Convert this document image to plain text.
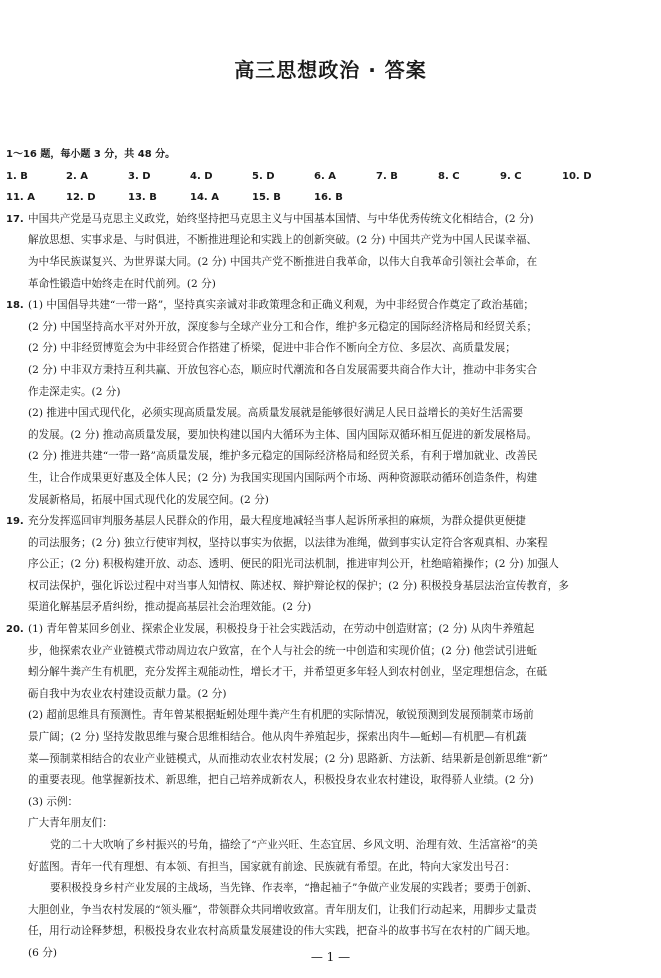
高三思想政治 · 答案
1～16 题，每小题 3 分，共 48 分。
1. B	2. A	3. D	4. D	5. D	6. A	7. B	8. C	9. C	10. D
11. A	12. D	13. B	14. A	15. B	16. B
17. 中国共产党是马克思主义政党，始终坚持把马克思主义与中国基本国情、与中华优秀传统文化相结合，(2 分)
解放思想、实事求是、与时俱进，不断推进理论和实践上的创新突破。(2 分) 中国共产党为中国人民谋幸福、
为中华民族谋复兴、为世界谋大同。(2 分) 中国共产党不断推进自我革命，以伟大自我革命引领社会革命，在
革命性锻造中始终走在时代前列。(2 分)
18. (1) 中国倡导共建“一带一路”，坚持真实亲诚对非政策理念和正确义利观，为中非经贸合作奠定了政治基础；
(2 分) 中国坚持高水平对外开放，深度参与全球产业分工和合作，维护多元稳定的国际经济格局和经贸关系；
(2 分) 中非经贸博览会为中非经贸合作搭建了桥梁，促进中非合作不断向全方位、多层次、高质量发展；
(2 分) 中非双方秉持互利共赢、开放包容心态，顺应时代潮流和各自发展需要共商合作大计，推动中非务实合
作走深走实。(2 分)
(2) 推进中国式现代化，必须实现高质量发展。高质量发展就是能够很好满足人民日益增长的美好生活需要
的发展。(2 分) 推动高质量发展，要加快构建以国内大循环为主体、国内国际双循环相互促进的新发展格局。
(2 分) 推进共建“一带一路”高质量发展，维护多元稳定的国际经济格局和经贸关系，有利于增加就业、改善民
生，让合作成果更好惠及全体人民；(2 分) 为我国实现国内国际两个市场、两种资源联动循环创造条件，构建
发展新格局，拓展中国式现代化的发展空间。(2 分)
19. 充分发挥巡回审判服务基层人民群众的作用，最大程度地减轻当事人起诉所承担的麻烦，为群众提供更便捷
的司法服务；(2 分) 独立行使审判权，坚持以事实为依据，以法律为准绳，做到事实认定符合客观真相、办案程
序公正；(2 分) 积极构建开放、动态、透明、便民的阳光司法机制，推进审判公开，杜绝暗箱操作；(2 分) 加强人
权司法保护，强化诉讼过程中对当事人知情权、陈述权、辩护辩论权的保护；(2 分) 积极投身基层法治宣传教育，多
渠道化解基层矛盾纠纷，推动提高基层社会治理效能。(2 分)
20. (1) 青年曾某回乡创业、探索企业发展，积极投身于社会实践活动，在劳动中创造财富；(2 分) 从肉牛养殖起
步，他探索农业产业链模式带动周边农户致富，在个人与社会的统一中创造和实现价值；(2 分) 他尝试引进蚯
蚓分解牛粪产生有机肥，充分发挥主观能动性，增长才干，并希望更多年轻人到农村创业，坚定理想信念，在砥
砺自我中为农业农村建设贡献力量。(2 分)
(2) 超前思维具有预测性。青年曾某根据蚯蚓处理牛粪产生有机肥的实际情况，敏锐预测到发展预制菜市场前
景广阔；(2 分) 坚持发散思维与聚合思维相结合。他从肉牛养殖起步，探索出肉牛—蚯蚓—有机肥—有机蔬
菜—预制菜相结合的农业产业链模式，从而推动农业农村发展；(2 分) 思路新、方法新、结果新是创新思维“新”
的重要表现。他掌握新技术、新思维，把自己培养成新农人，积极投身农业农村建设，取得骄人业绩。(2 分)
(3) 示例：
广大青年朋友们：
党的二十大吹响了乡村振兴的号角，描绘了“产业兴旺、生态宜居、乡风文明、治理有效、生活富裕”的美
好蓝图。青年一代有理想、有本领、有担当，国家就有前途、民族就有希望。在此，特向大家发出号召：
要积极投身乡村产业发展的主战场，当先锋、作表率，“撸起袖子”争做产业发展的实践者；要勇于创新、
大胆创业，争当农村发展的“领头雁”，带领群众共同增收致富。青年朋友们，让我们行动起来，用脚步丈量责
任，用行动诠释梦想，积极投身农业农村高质量发展建设的伟大实践，把奋斗的故事书写在农村的广阔天地。
(6 分)	— 1 —
